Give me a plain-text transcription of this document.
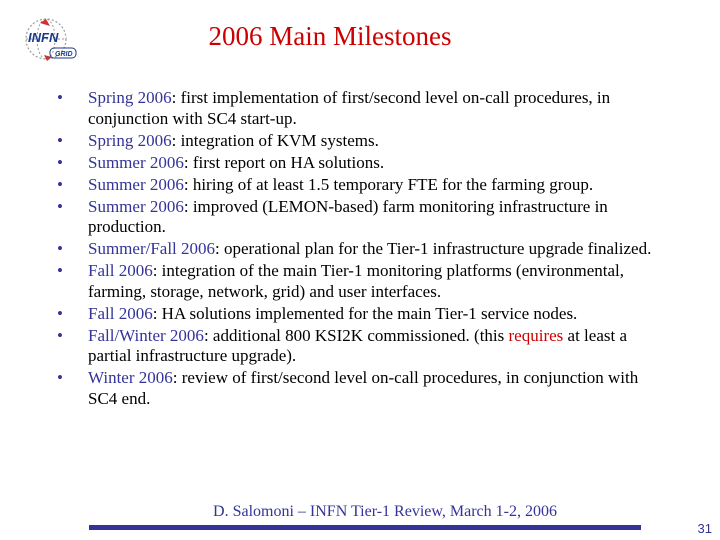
INFN
GRID
2006 Main Milestones
• Spring 2006: first implementation of first/second level on-call procedures, in conjunction with SC4 start-up.
• Spring 2006: integration of KVM systems.
• Summer 2006: first report on HA solutions.
• Summer 2006: hiring of at least 1.5 temporary FTE for the farming group.
• Summer 2006: improved (LEMON-based) farm monitoring infrastructure in production.
• Summer/Fall 2006: operational plan for the Tier-1 infrastructure upgrade finalized.
• Fall 2006: integration of the main Tier-1 monitoring platforms (environmental, farming, storage, network, grid) and user interfaces.
• Fall 2006: HA solutions implemented for the main Tier-1 service nodes.
• Fall/Winter 2006: additional 800 KSI2K commissioned. (this requires at least a partial infrastructure upgrade).
• Winter 2006: review of first/second level on-call procedures, in conjunction with SC4 end.
D. Salomoni – INFN Tier-1 Review, March 1-2, 2006
31
